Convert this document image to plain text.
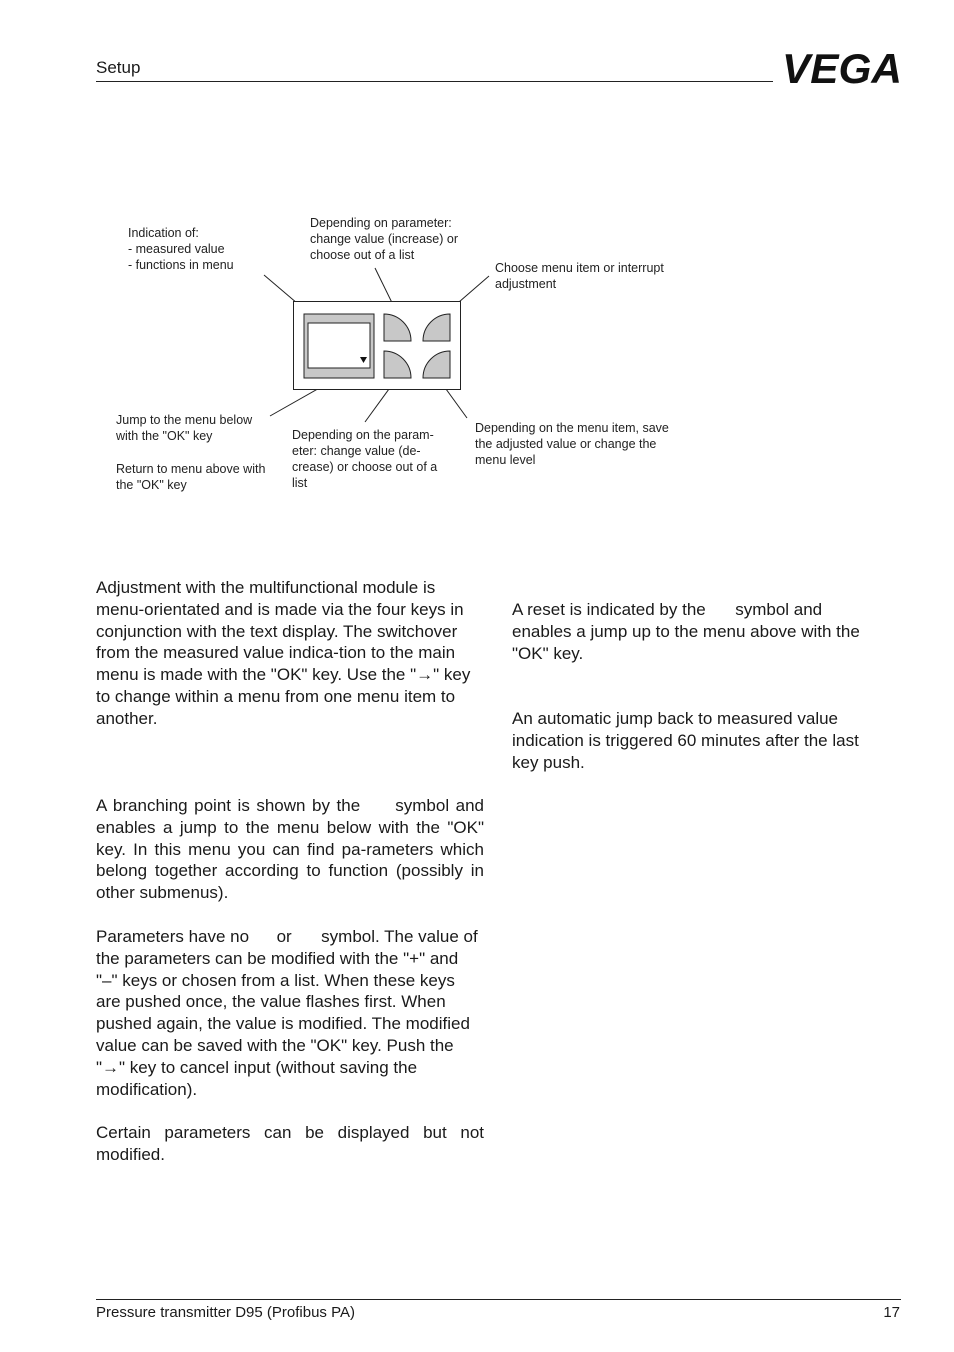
Setup	VEGA
Indication of:
- measured value
- functions in menu
Depending on parameter:
change value (increase) or
choose out of a list
Choose menu item or interrupt
adjustment
Jump to the menu below
with the "OK" key
Return to menu above with
the "OK" key
Depending on the param-
eter: change value (de-
crease) or choose out of a
list
Depending on the menu item, save
the adjusted value or change the
menu level
Adjustment with the multifunctional module is menu-orientated and is made via the four keys in conjunction with the text display. The switchover from the measured value indica-tion to the main menu is made with the "OK" key. Use the "→" key to change within a menu from one menu item to another.
A branching point is shown by the symbol and enables a jump to the menu below with the "OK" key. In this menu you can find pa-rameters which belong together according to function (possibly in other submenus).
Parameters have no or symbol. The value of the parameters can be modified with the "+" and "–" keys or chosen from a list. When these keys are pushed once, the value flashes first. When pushed again, the value is modified. The modified value can be saved with the "OK" key. Push the "→" key to cancel input (without saving the modification).
Certain parameters can be displayed but not modified.
A reset is indicated by the symbol and enables a jump up to the menu above with the "OK" key.
An automatic jump back to measured value indication is triggered 60 minutes after the last key push.
Pressure transmitter D95 (Profibus PA)	17
